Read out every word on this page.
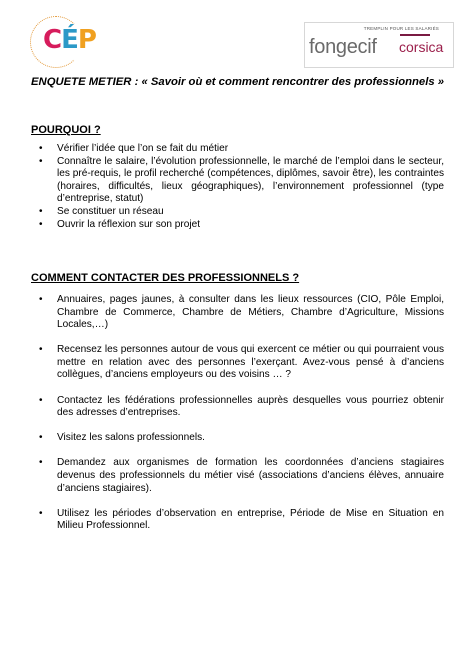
CÉP	TREMPLIN POUR LES SALARIÉS
fongecif corsica
ENQUETE METIER : « Savoir où et comment rencontrer des professionnels »
POURQUOI ?
• Vérifier l’idée que l’on se fait du métier
• Connaître le salaire, l’évolution professionnelle, le marché de l’emploi dans le secteur, les pré-requis, le profil recherché (compétences, diplômes, savoir être), les contraintes (horaires, difficultés, lieux géographiques), l’environnement professionnel (type d’entreprise, statut)
• Se constituer un réseau
• Ouvrir la réflexion sur son projet
COMMENT CONTACTER DES PROFESSIONNELS ?
• Annuaires, pages jaunes, à consulter dans les lieux ressources (CIO, Pôle Emploi, Chambre de Commerce, Chambre de Métiers, Chambre d’Agriculture, Missions Locales,…)
• Recensez les personnes autour de vous qui exercent ce métier ou qui pourraient vous mettre en relation avec des personnes l’exerçant. Avez-vous pensé à d’anciens collègues, d’anciens employeurs ou des voisins … ?
• Contactez les fédérations professionnelles auprès desquelles vous pourriez obtenir des adresses d’entreprises.
• Visitez les salons professionnels.
• Demandez aux organismes de formation les coordonnées d’anciens stagiaires devenus des professionnels du métier visé (associations d’anciens élèves, annuaire d’anciens stagiaires).
• Utilisez les périodes d’observation en entreprise, Période de Mise en Situation en Milieu Professionnel.
